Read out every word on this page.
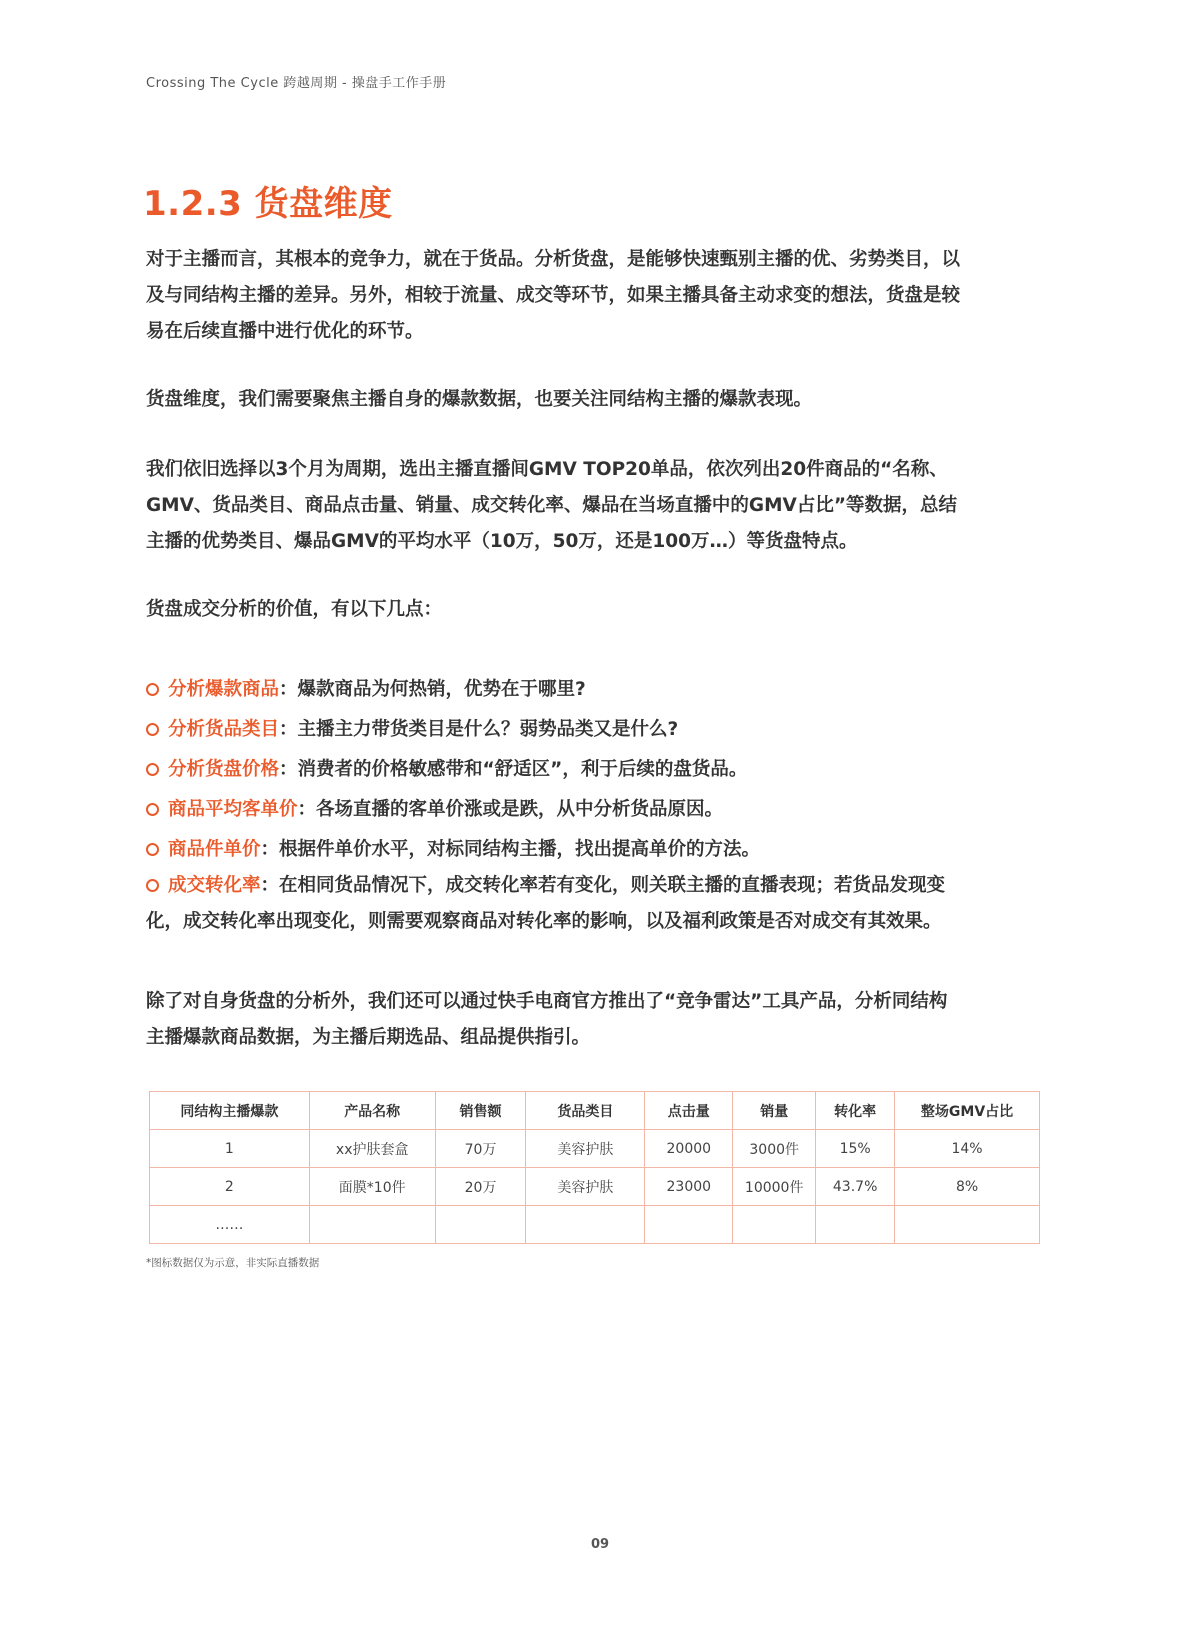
Crossing The Cycle 跨越周期 - 操盘手工作手册
1.2.3 货盘维度

对于主播而言，其根本的竞争力，就在于货品。分析货盘，是能够快速甄别主播的优、劣势类目，以
及与同结构主播的差异。另外，相较于流量、成交等环节，如果主播具备主动求变的想法，货盘是较
易在后续直播中进行优化的环节。

货盘维度，我们需要聚焦主播自身的爆款数据，也要关注同结构主播的爆款表现。

我们依旧选择以3个月为周期，选出主播直播间GMV TOP20单品，依次列出20件商品的“名称、
GMV、货品类目、商品点击量、销量、成交转化率、爆品在当场直播中的GMV占比”等数据，总结
主播的优势类目、爆品GMV的平均水平（10万，50万，还是100万…）等货盘特点。

货盘成交分析的价值，有以下几点：

分析爆款商品：爆款商品为何热销，优势在于哪里?
分析货品类目：主播主力带货类目是什么？弱势品类又是什么?
分析货盘价格：消费者的价格敏感带和“舒适区”，利于后续的盘货品。
商品平均客单价：各场直播的客单价涨或是跌，从中分析货品原因。
商品件单价：根据件单价水平，对标同结构主播，找出提高单价的方法。
成交转化率：在相同货品情况下，成交转化率若有变化，则关联主播的直播表现；若货品发现变
化，成交转化率出现变化，则需要观察商品对转化率的影响，以及福利政策是否对成交有其效果。

除了对自身货盘的分析外，我们还可以通过快手电商官方推出了“竞争雷达”工具产品，分析同结构
主播爆款商品数据，为主播后期选品、组品提供指引。

同结构主播爆款	产品名称	销售额	货品类目	点击量	销量	转化率	整场GMV占比
1	xx护肤套盒	70万	美容护肤	20000	3000件	15%	14%
2	面膜*10件	20万	美容护肤	23000	10000件	43.7%	8%
……							
*图标数据仅为示意，非实际直播数据
09
